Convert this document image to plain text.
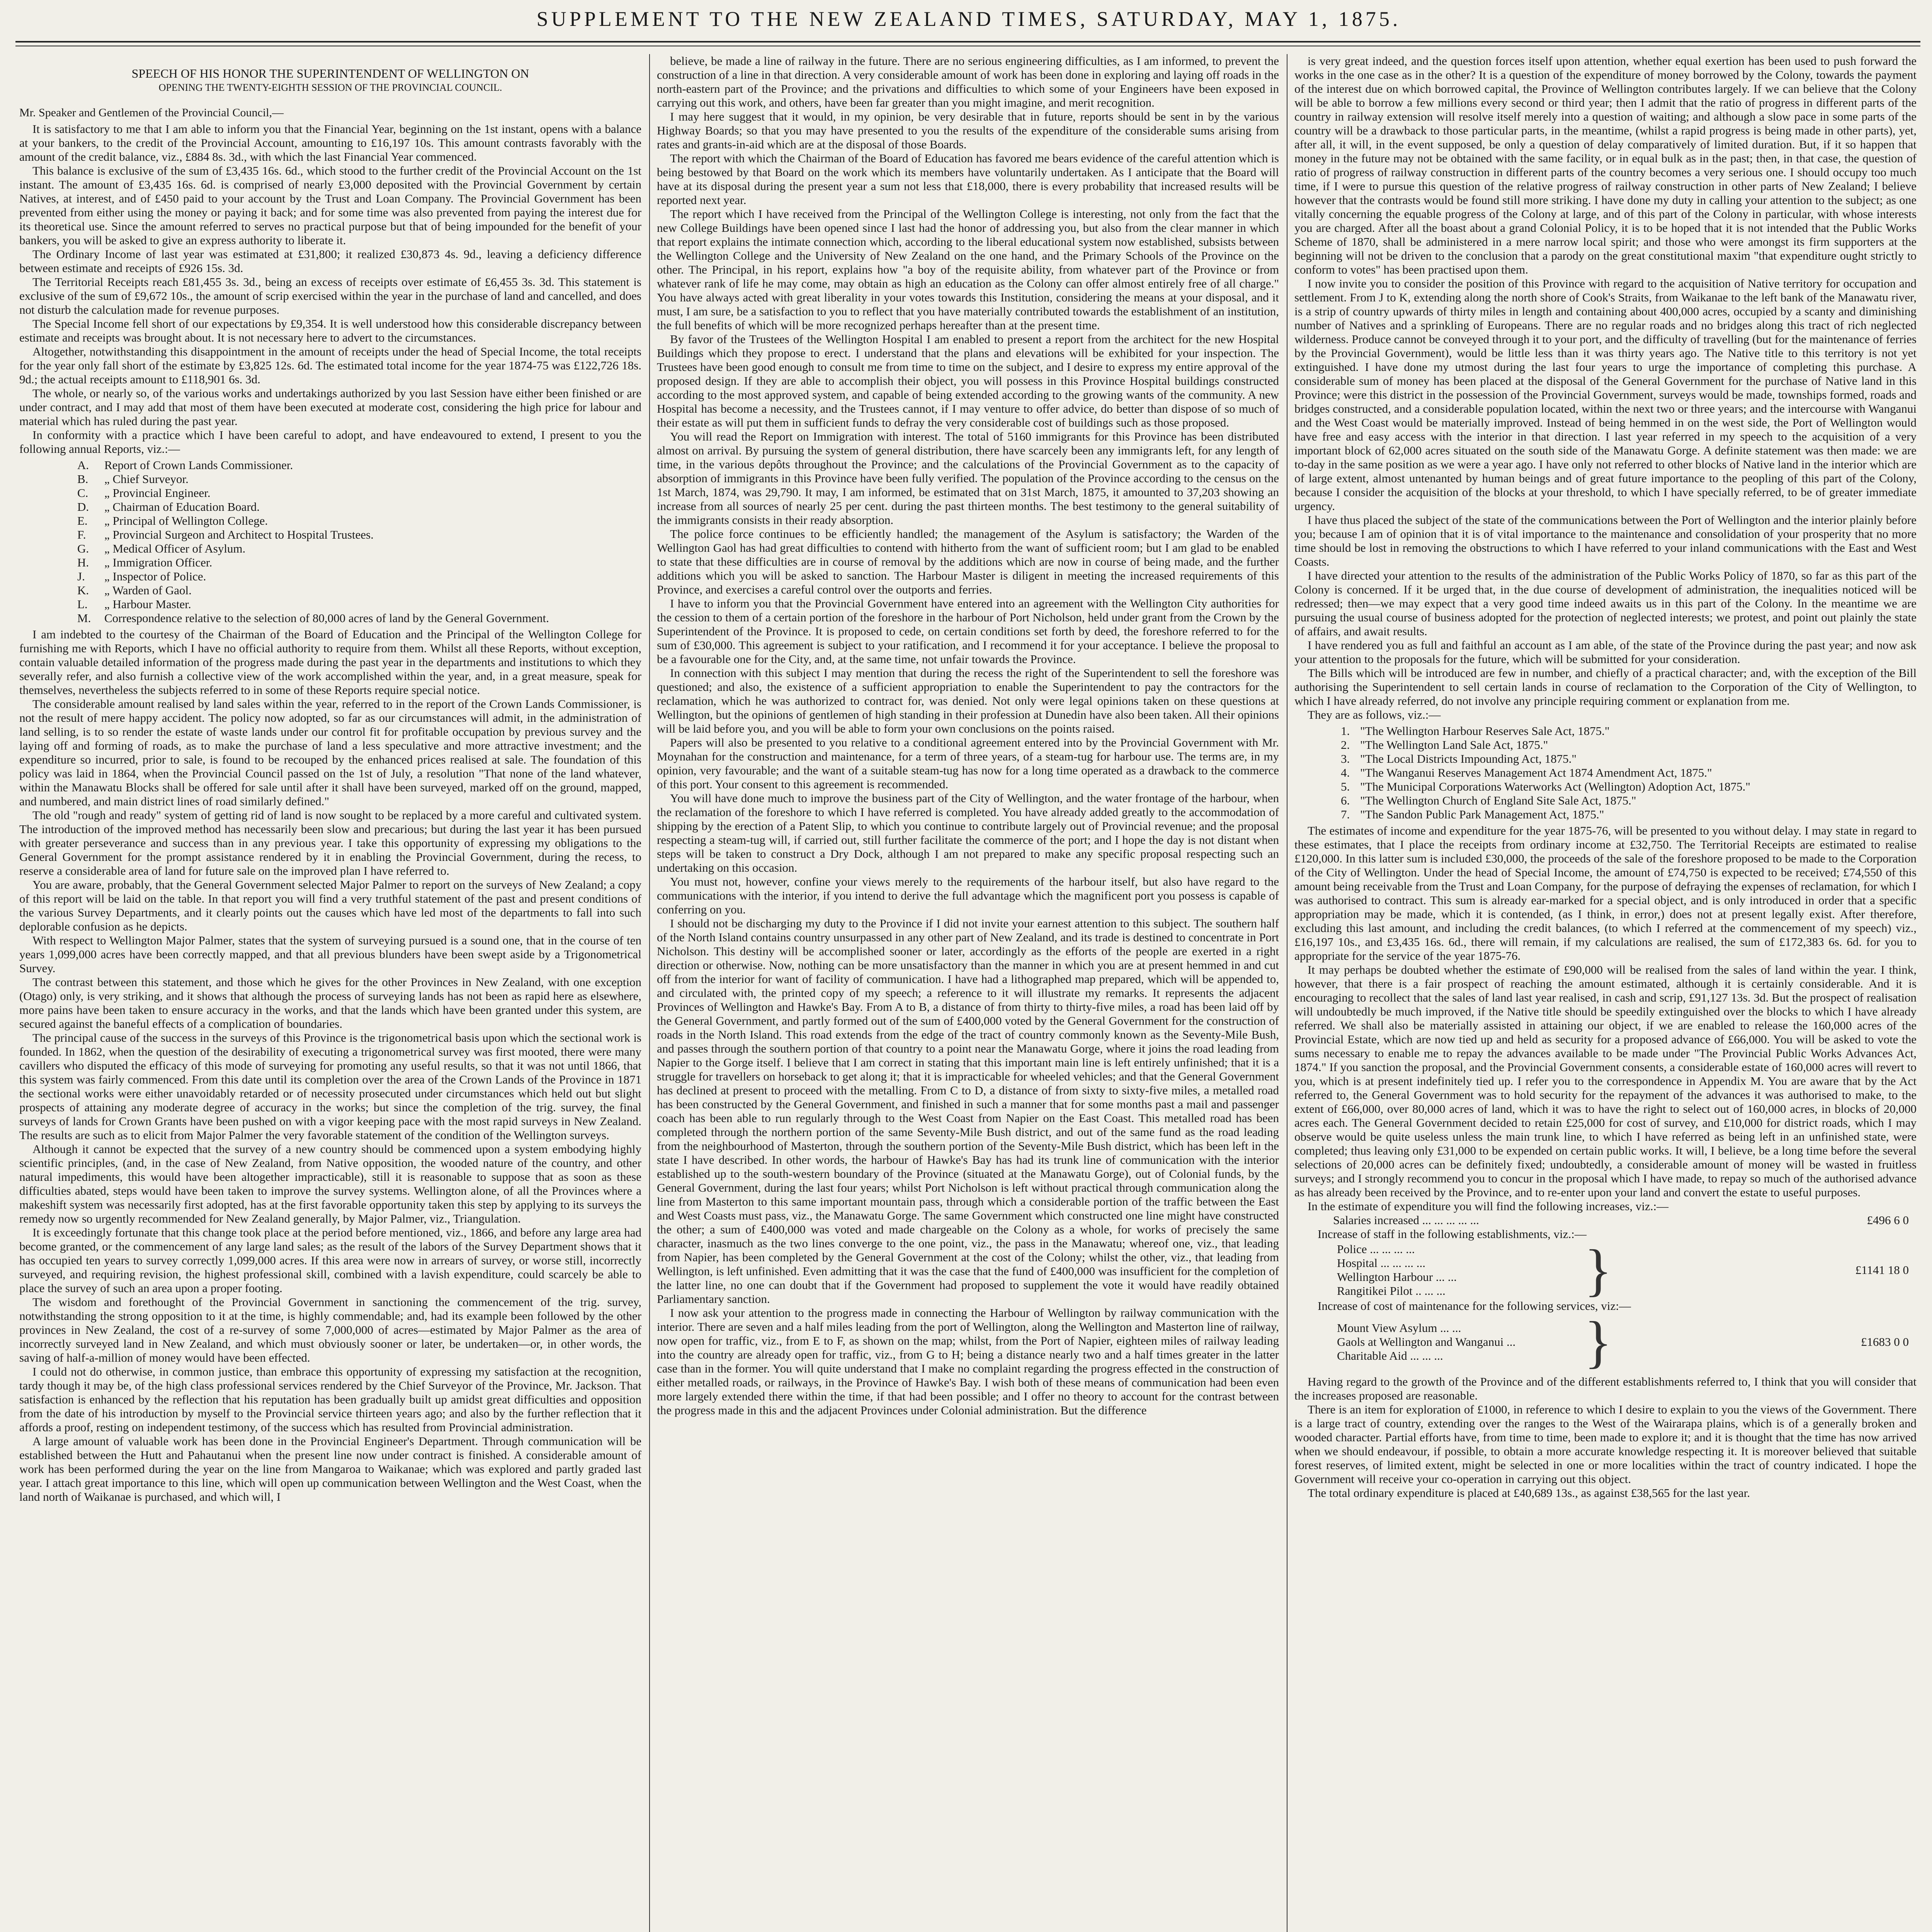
SUPPLEMENT TO THE NEW ZEALAND TIMES, SATURDAY, MAY 1, 1875.

SPEECH OF HIS HONOR THE SUPERINTENDENT OF WELLINGTON ON

OPENING THE TWENTY-EIGHTH SESSION OF THE PROVINCIAL COUNCIL.

Mr. Speaker and Gentlemen of the Provincial Council,—

It is satisfactory to me that I am able to inform you that the Financial Year, beginning on the 1st instant, opens with a balance at your bankers, to the credit of the Provincial Account, amounting to £16,197 10s. This amount contrasts favorably with the amount of the credit balance, viz., £884 8s. 3d., with which the last Financial Year commenced.

This balance is exclusive of the sum of £3,435 16s. 6d., which stood to the further credit of the Provincial Account on the 1st instant. The amount of £3,435 16s. 6d. is comprised of nearly £3,000 deposited with the Provincial Government by certain Natives, at interest, and of £450 paid to your account by the Trust and Loan Company. The Provincial Government has been prevented from either using the money or paying it back; and for some time was also prevented from paying the interest due for its theoretical use. Since the amount referred to serves no practical purpose but that of being impounded for the benefit of your bankers, you will be asked to give an express authority to liberate it.

The Ordinary Income of last year was estimated at £31,800; it realized £30,873 4s. 9d., leaving a deficiency difference between estimate and receipts of £926 15s. 3d.

The Territorial Receipts reach £81,455 3s. 3d., being an excess of receipts over estimate of £6,455 3s. 3d. This statement is exclusive of the sum of £9,672 10s., the amount of scrip exercised within the year in the purchase of land and cancelled, and does not disturb the calculation made for revenue purposes.

The Special Income fell short of our expectations by £9,354. It is well understood how this considerable discrepancy between estimate and receipts was brought about. It is not necessary here to advert to the circumstances.

Altogether, notwithstanding this disappointment in the amount of receipts under the head of Special Income, the total receipts for the year only fall short of the estimate by £3,825 12s. 6d. The estimated total income for the year 1874-75 was £122,726 18s. 9d.; the actual receipts amount to £118,901 6s. 3d.

The whole, or nearly so, of the various works and undertakings authorized by you last Session have either been finished or are under contract, and I may add that most of them have been executed at moderate cost, considering the high price for labour and material which has ruled during the past year.

In conformity with a practice which I have been careful to adopt, and have endeavoured to extend, I present to you the following annual Reports, viz.:—

A.	Report of Crown Lands Commissioner.
B.	„ Chief Surveyor.
C.	„ Provincial Engineer.
D.	„ Chairman of Education Board.
E.	„ Principal of Wellington College.
F.	„ Provincial Surgeon and Architect to Hospital Trustees.
G.	„ Medical Officer of Asylum.
H.	„ Immigration Officer.
J.	„ Inspector of Police.
K.	„ Warden of Gaol.
L.	„ Harbour Master.
M.	Correspondence relative to the selection of 80,000 acres of land by the General Government.

I am indebted to the courtesy of the Chairman of the Board of Education and the Principal of the Wellington College for furnishing me with Reports, which I have no official authority to require from them. Whilst all these Reports, without exception, contain valuable detailed information of the progress made during the past year in the departments and institutions to which they severally refer, and also furnish a collective view of the work accomplished within the year, and, in a great measure, speak for themselves, nevertheless the subjects referred to in some of these Reports require special notice.

The considerable amount realised by land sales within the year, referred to in the report of the Crown Lands Commissioner, is not the result of mere happy accident. The policy now adopted, so far as our circumstances will admit, in the administration of land selling, is to so render the estate of waste lands under our control fit for profitable occupation by previous survey and the laying off and forming of roads, as to make the purchase of land a less speculative and more attractive investment; and the expenditure so incurred, prior to sale, is found to be recouped by the enhanced prices realised at sale. The foundation of this policy was laid in 1864, when the Provincial Council passed on the 1st of July, a resolution "That none of the land whatever, within the Manawatu Blocks shall be offered for sale until after it shall have been surveyed, marked off on the ground, mapped, and numbered, and main district lines of road similarly defined."

The old "rough and ready" system of getting rid of land is now sought to be replaced by a more careful and cultivated system. The introduction of the improved method has necessarily been slow and precarious; but during the last year it has been pursued with greater perseverance and success than in any previous year. I take this opportunity of expressing my obligations to the General Government for the prompt assistance rendered by it in enabling the Provincial Government, during the recess, to reserve a considerable area of land for future sale on the improved plan I have referred to.

You are aware, probably, that the General Government selected Major Palmer to report on the surveys of New Zealand; a copy of this report will be laid on the table. In that report you will find a very truthful statement of the past and present conditions of the various Survey Departments, and it clearly points out the causes which have led most of the departments to fall into such deplorable confusion as he depicts.

With respect to Wellington Major Palmer, states that the system of surveying pursued is a sound one, that in the course of ten years 1,099,000 acres have been correctly mapped, and that all previous blunders have been swept aside by a Trigonometrical Survey.

The contrast between this statement, and those which he gives for the other Provinces in New Zealand, with one exception (Otago) only, is very striking, and it shows that although the process of surveying lands has not been as rapid here as elsewhere, more pains have been taken to ensure accuracy in the works, and that the lands which have been granted under this system, are secured against the baneful effects of a complication of boundaries.

The principal cause of the success in the surveys of this Province is the trigonometrical basis upon which the sectional work is founded. In 1862, when the question of the desirability of executing a trigonometrical survey was first mooted, there were many cavillers who disputed the efficacy of this mode of surveying for promoting any useful results, so that it was not until 1866, that this system was fairly commenced. From this date until its completion over the area of the Crown Lands of the Province in 1871 the sectional works were either unavoidably retarded or of necessity prosecuted under circumstances which held out but slight prospects of attaining any moderate degree of accuracy in the works; but since the completion of the trig. survey, the final surveys of lands for Crown Grants have been pushed on with a vigor keeping pace with the most rapid surveys in New Zealand. The results are such as to elicit from Major Palmer the very favorable statement of the condition of the Wellington surveys.

Although it cannot be expected that the survey of a new country should be commenced upon a system embodying highly scientific principles, (and, in the case of New Zealand, from Native opposition, the wooded nature of the country, and other natural impediments, this would have been altogether impracticable), still it is reasonable to suppose that as soon as these difficulties abated, steps would have been taken to improve the survey systems. Wellington alone, of all the Provinces where a makeshift system was necessarily first adopted, has at the first favorable opportunity taken this step by applying to its surveys the remedy now so urgently recommended for New Zealand generally, by Major Palmer, viz., Triangulation.

It is exceedingly fortunate that this change took place at the period before mentioned, viz., 1866, and before any large area had become granted, or the commencement of any large land sales; as the result of the labors of the Survey Department shows that it has occupied ten years to survey correctly 1,099,000 acres. If this area were now in arrears of survey, or worse still, incorrectly surveyed, and requiring revision, the highest professional skill, combined with a lavish expenditure, could scarcely be able to place the survey of such an area upon a proper footing.

The wisdom and forethought of the Provincial Government in sanctioning the commencement of the trig. survey, notwithstanding the strong opposition to it at the time, is highly commendable; and, had its example been followed by the other provinces in New Zealand, the cost of a re-survey of some 7,000,000 of acres—estimated by Major Palmer as the area of incorrectly surveyed land in New Zealand, and which must obviously sooner or later, be undertaken—or, in other words, the saving of half-a-million of money would have been effected.

I could not do otherwise, in common justice, than embrace this opportunity of expressing my satisfaction at the recognition, tardy though it may be, of the high class professional services rendered by the Chief Surveyor of the Province, Mr. Jackson. That satisfaction is enhanced by the reflection that his reputation has been gradually built up amidst great difficulties and opposition from the date of his introduction by myself to the Provincial service thirteen years ago; and also by the further reflection that it affords a proof, resting on independent testimony, of the success which has resulted from Provincial administration.

A large amount of valuable work has been done in the Provincial Engineer's Department. Through communication will be established between the Hutt and Pahautanui when the present line now under contract is finished. A considerable amount of work has been performed during the year on the line from Mangaroa to Waikanae; which was explored and partly graded last year. I attach great importance to this line, which will open up communication between Wellington and the West Coast, when the land north of Waikanae is purchased, and which will, I

believe, be made a line of railway in the future. There are no serious engineering difficulties, as I am informed, to prevent the construction of a line in that direction. A very considerable amount of work has been done in exploring and laying off roads in the north-eastern part of the Province; and the privations and difficulties to which some of your Engineers have been exposed in carrying out this work, and others, have been far greater than you might imagine, and merit recognition.

I may here suggest that it would, in my opinion, be very desirable that in future, reports should be sent in by the various Highway Boards; so that you may have presented to you the results of the expenditure of the considerable sums arising from rates and grants-in-aid which are at the disposal of those Boards.

The report with which the Chairman of the Board of Education has favored me bears evidence of the careful attention which is being bestowed by that Board on the work which its members have voluntarily undertaken. As I anticipate that the Board will have at its disposal during the present year a sum not less that £18,000, there is every probability that increased results will be reported next year.

The report which I have received from the Principal of the Wellington College is interesting, not only from the fact that the new College Buildings have been opened since I last had the honor of addressing you, but also from the clear manner in which that report explains the intimate connection which, according to the liberal educational system now established, subsists between the Wellington College and the University of New Zealand on the one hand, and the Primary Schools of the Province on the other. The Principal, in his report, explains how "a boy of the requisite ability, from whatever part of the Province or from whatever rank of life he may come, may obtain as high an education as the Colony can offer almost entirely free of all charge." You have always acted with great liberality in your votes towards this Institution, considering the means at your disposal, and it must, I am sure, be a satisfaction to you to reflect that you have materially contributed towards the establishment of an institution, the full benefits of which will be more recognized perhaps hereafter than at the present time.

By favor of the Trustees of the Wellington Hospital I am enabled to present a report from the architect for the new Hospital Buildings which they propose to erect. I understand that the plans and elevations will be exhibited for your inspection. The Trustees have been good enough to consult me from time to time on the subject, and I desire to express my entire approval of the proposed design. If they are able to accomplish their object, you will possess in this Province Hospital buildings constructed according to the most approved system, and capable of being extended according to the growing wants of the community. A new Hospital has become a necessity, and the Trustees cannot, if I may venture to offer advice, do better than dispose of so much of their estate as will put them in sufficient funds to defray the very considerable cost of buildings such as those proposed.

You will read the Report on Immigration with interest. The total of 5160 immigrants for this Province has been distributed almost on arrival. By pursuing the system of general distribution, there have scarcely been any immigrants left, for any length of time, in the various depôts throughout the Province; and the calculations of the Provincial Government as to the capacity of absorption of immigrants in this Province have been fully verified. The population of the Province according to the census on the 1st March, 1874, was 29,790. It may, I am informed, be estimated that on 31st March, 1875, it amounted to 37,203 showing an increase from all sources of nearly 25 per cent. during the past thirteen months. The best testimony to the general suitability of the immigrants consists in their ready absorption.

The police force continues to be efficiently handled; the management of the Asylum is satisfactory; the Warden of the Wellington Gaol has had great difficulties to contend with hitherto from the want of sufficient room; but I am glad to be enabled to state that these difficulties are in course of removal by the additions which are now in course of being made, and the further additions which you will be asked to sanction. The Harbour Master is diligent in meeting the increased requirements of this Province, and exercises a careful control over the outports and ferries.

I have to inform you that the Provincial Government have entered into an agreement with the Wellington City authorities for the cession to them of a certain portion of the foreshore in the harbour of Port Nicholson, held under grant from the Crown by the Superintendent of the Province. It is proposed to cede, on certain conditions set forth by deed, the foreshore referred to for the sum of £30,000. This agreement is subject to your ratification, and I recommend it for your acceptance. I believe the proposal to be a favourable one for the City, and, at the same time, not unfair towards the Province.

In connection with this subject I may mention that during the recess the right of the Superintendent to sell the foreshore was questioned; and also, the existence of a sufficient appropriation to enable the Superintendent to pay the contractors for the reclamation, which he was authorized to contract for, was denied. Not only were legal opinions taken on these questions at Wellington, but the opinions of gentlemen of high standing in their profession at Dunedin have also been taken. All their opinions will be laid before you, and you will be able to form your own conclusions on the points raised.

Papers will also be presented to you relative to a conditional agreement entered into by the Provincial Government with Mr. Moynahan for the construction and maintenance, for a term of three years, of a steam-tug for harbour use. The terms are, in my opinion, very favourable; and the want of a suitable steam-tug has now for a long time operated as a drawback to the commerce of this port. Your consent to this agreement is recommended.

You will have done much to improve the business part of the City of Wellington, and the water frontage of the harbour, when the reclamation of the foreshore to which I have referred is completed. You have already added greatly to the accommodation of shipping by the erection of a Patent Slip, to which you continue to contribute largely out of Provincial revenue; and the proposal respecting a steam-tug will, if carried out, still further facilitate the commerce of the port; and I hope the day is not distant when steps will be taken to construct a Dry Dock, although I am not prepared to make any specific proposal respecting such an undertaking on this occasion.

You must not, however, confine your views merely to the requirements of the harbour itself, but also have regard to the communications with the interior, if you intend to derive the full advantage which the magnificent port you possess is capable of conferring on you.

I should not be discharging my duty to the Province if I did not invite your earnest attention to this subject. The southern half of the North Island contains country unsurpassed in any other part of New Zealand, and its trade is destined to concentrate in Port Nicholson. This destiny will be accomplished sooner or later, accordingly as the efforts of the people are exerted in a right direction or otherwise. Now, nothing can be more unsatisfactory than the manner in which you are at present hemmed in and cut off from the interior for want of facility of communication. I have had a lithographed map prepared, which will be appended to, and circulated with, the printed copy of my speech; a reference to it will illustrate my remarks. It represents the adjacent Provinces of Wellington and Hawke's Bay. From A to B, a distance of from thirty to thirty-five miles, a road has been laid off by the General Government, and partly formed out of the sum of £400,000 voted by the General Government for the construction of roads in the North Island. This road extends from the edge of the tract of country commonly known as the Seventy-Mile Bush, and passes through the southern portion of that country to a point near the Manawatu Gorge, where it joins the road leading from Napier to the Gorge itself. I believe that I am correct in stating that this important main line is left entirely unfinished; that it is a struggle for travellers on horseback to get along it; that it is impracticable for wheeled vehicles; and that the General Government has declined at present to proceed with the metalling. From C to D, a distance of from sixty to sixty-five miles, a metalled road has been constructed by the General Government, and finished in such a manner that for some months past a mail and passenger coach has been able to run regularly through to the West Coast from Napier on the East Coast. This metalled road has been completed through the northern portion of the same Seventy-Mile Bush district, and out of the same fund as the road leading from the neighbourhood of Masterton, through the southern portion of the Seventy-Mile Bush district, which has been left in the state I have described. In other words, the harbour of Hawke's Bay has had its trunk line of communication with the interior established up to the south-western boundary of the Province (situated at the Manawatu Gorge), out of Colonial funds, by the General Government, during the last four years; whilst Port Nicholson is left without practical through communication along the line from Masterton to this same important mountain pass, through which a considerable portion of the traffic between the East and West Coasts must pass, viz., the Manawatu Gorge. The same Government which constructed one line might have constructed the other; a sum of £400,000 was voted and made chargeable on the Colony as a whole, for works of precisely the same character, inasmuch as the two lines converge to the one point, viz., the pass in the Manawatu; whereof one, viz., that leading from Napier, has been completed by the General Government at the cost of the Colony; whilst the other, viz., that leading from Wellington, is left unfinished. Even admitting that it was the case that the fund of £400,000 was insufficient for the completion of the latter line, no one can doubt that if the Government had proposed to supplement the vote it would have readily obtained Parliamentary sanction.

I now ask your attention to the progress made in connecting the Harbour of Wellington by railway communication with the interior. There are seven and a half miles leading from the port of Wellington, along the Wellington and Masterton line of railway, now open for traffic, viz., from E to F, as shown on the map; whilst, from the Port of Napier, eighteen miles of railway leading into the country are already open for traffic, viz., from G to H; being a distance nearly two and a half times greater in the latter case than in the former. You will quite understand that I make no complaint regarding the progress effected in the construction of either metalled roads, or railways, in the Province of Hawke's Bay. I wish both of these means of communication had been even more largely extended there within the time, if that had been possible; and I offer no theory to account for the contrast between the progress made in this and the adjacent Provinces under Colonial administration. But the difference

is very great indeed, and the question forces itself upon attention, whether equal exertion has been used to push forward the works in the one case as in the other? It is a question of the expenditure of money borrowed by the Colony, towards the payment of the interest due on which borrowed capital, the Province of Wellington contributes largely. If we can believe that the Colony will be able to borrow a few millions every second or third year; then I admit that the ratio of progress in different parts of the country in railway extension will resolve itself merely into a question of waiting; and although a slow pace in some parts of the country will be a drawback to those particular parts, in the meantime, (whilst a rapid progress is being made in other parts), yet, after all, it will, in the event supposed, be only a question of delay comparatively of limited duration. But, if it so happen that money in the future may not be obtained with the same facility, or in equal bulk as in the past; then, in that case, the question of ratio of progress of railway construction in different parts of the country becomes a very serious one. I should occupy too much time, if I were to pursue this question of the relative progress of railway construction in other parts of New Zealand; I believe however that the contrasts would be found still more striking. I have done my duty in calling your attention to the subject; as one vitally concerning the equable progress of the Colony at large, and of this part of the Colony in particular, with whose interests you are charged. After all the boast about a grand Colonial Policy, it is to be hoped that it is not intended that the Public Works Scheme of 1870, shall be administered in a mere narrow local spirit; and those who were amongst its firm supporters at the beginning will not be driven to the conclusion that a parody on the great constitutional maxim "that expenditure ought strictly to conform to votes" has been practised upon them.

I now invite you to consider the position of this Province with regard to the acquisition of Native territory for occupation and settlement. From J to K, extending along the north shore of Cook's Straits, from Waikanae to the left bank of the Manawatu river, is a strip of country upwards of thirty miles in length and containing about 400,000 acres, occupied by a scanty and diminishing number of Natives and a sprinkling of Europeans. There are no regular roads and no bridges along this tract of rich neglected wilderness. Produce cannot be conveyed through it to your port, and the difficulty of travelling (but for the maintenance of ferries by the Provincial Government), would be little less than it was thirty years ago. The Native title to this territory is not yet extinguished. I have done my utmost during the last four years to urge the importance of completing this purchase. A considerable sum of money has been placed at the disposal of the General Government for the purchase of Native land in this Province; were this district in the possession of the Provincial Government, surveys would be made, townships formed, roads and bridges constructed, and a considerable population located, within the next two or three years; and the intercourse with Wanganui and the West Coast would be materially improved. Instead of being hemmed in on the west side, the Port of Wellington would have free and easy access with the interior in that direction. I last year referred in my speech to the acquisition of a very important block of 62,000 acres situated on the south side of the Manawatu Gorge. A definite statement was then made: we are to-day in the same position as we were a year ago. I have only not referred to other blocks of Native land in the interior which are of large extent, almost untenanted by human beings and of great future importance to the peopling of this part of the Colony, because I consider the acquisition of the blocks at your threshold, to which I have specially referred, to be of greater immediate urgency.

I have thus placed the subject of the state of the communications between the Port of Wellington and the interior plainly before you; because I am of opinion that it is of vital importance to the maintenance and consolidation of your prosperity that no more time should be lost in removing the obstructions to which I have referred to your inland communications with the East and West Coasts.

I have directed your attention to the results of the administration of the Public Works Policy of 1870, so far as this part of the Colony is concerned. If it be urged that, in the due course of development of administration, the inequalities noticed will be redressed; then—we may expect that a very good time indeed awaits us in this part of the Colony. In the meantime we are pursuing the usual course of business adopted for the protection of neglected interests; we protest, and point out plainly the state of affairs, and await results.

I have rendered you as full and faithful an account as I am able, of the state of the Province during the past year; and now ask your attention to the proposals for the future, which will be submitted for your consideration.

The Bills which will be introduced are few in number, and chiefly of a practical character; and, with the exception of the Bill authorising the Superintendent to sell certain lands in course of reclamation to the Corporation of the City of Wellington, to which I have already referred, do not involve any principle requiring comment or explanation from me.

They are as follows, viz.:—

1. "The Wellington Harbour Reserves Sale Act, 1875."
2. "The Wellington Land Sale Act, 1875."
3. "The Local Districts Impounding Act, 1875."
4. "The Wanganui Reserves Management Act 1874 Amendment Act, 1875."
5. "The Municipal Corporations Waterworks Act (Wellington) Adoption Act, 1875."
6. "The Wellington Church of England Site Sale Act, 1875."
7. "The Sandon Public Park Management Act, 1875."

The estimates of income and expenditure for the year 1875-76, will be presented to you without delay. I may state in regard to these estimates, that I place the receipts from ordinary income at £32,750. The Territorial Receipts are estimated to realise £120,000. In this latter sum is included £30,000, the proceeds of the sale of the foreshore proposed to be made to the Corporation of the City of Wellington. Under the head of Special Income, the amount of £74,750 is expected to be received; £74,550 of this amount being receivable from the Trust and Loan Company, for the purpose of defraying the expenses of reclamation, for which I was authorised to contract. This sum is already ear-marked for a special object, and is only introduced in order that a specific appropriation may be made, which it is contended, (as I think, in error,) does not at present legally exist. After therefore, excluding this last amount, and including the credit balances, (to which I referred at the commencement of my speech) viz., £16,197 10s., and £3,435 16s. 6d., there will remain, if my calculations are realised, the sum of £172,383 6s. 6d. for you to appropriate for the service of the year 1875-76.

It may perhaps be doubted whether the estimate of £90,000 will be realised from the sales of land within the year. I think, however, that there is a fair prospect of reaching the amount estimated, although it is certainly considerable. And it is encouraging to recollect that the sales of land last year realised, in cash and scrip, £91,127 13s. 3d. But the prospect of realisation will undoubtedly be much improved, if the Native title should be speedily extinguished over the blocks to which I have already referred. We shall also be materially assisted in attaining our object, if we are enabled to release the 160,000 acres of the Provincial Estate, which are now tied up and held as security for a proposed advance of £66,000. You will be asked to vote the sums necessary to enable me to repay the advances available to be made under "The Provincial Public Works Advances Act, 1874." If you sanction the proposal, and the Provincial Government consents, a considerable estate of 160,000 acres will revert to you, which is at present indefinitely tied up. I refer you to the correspondence in Appendix M. You are aware that by the Act referred to, the General Government was to hold security for the repayment of the advances it was authorised to make, to the extent of £66,000, over 80,000 acres of land, which it was to have the right to select out of 160,000 acres, in blocks of 20,000 acres each. The General Government decided to retain £25,000 for cost of survey, and £10,000 for district roads, which I may observe would be quite useless unless the main trunk line, to which I have referred as being left in an unfinished state, were completed; thus leaving only £31,000 to be expended on certain public works. It will, I believe, be a long time before the several selections of 20,000 acres can be definitely fixed; undoubtedly, a considerable amount of money will be wasted in fruitless surveys; and I strongly recommend you to concur in the proposal which I have made, to repay so much of the authorised advance as has already been received by the Province, and to re-enter upon your land and convert the estate to useful purposes.

In the estimate of expenditure you will find the following increases, viz.:—

Salaries increased ... ... ... ... ...	£496 6 0

Increase of staff in the following establishments, viz.:—

Police ... ... ... ...
Hospital ... ... ... ...
Wellington Harbour ... ...
Rangitikei Pilot .. ... ...	}	£1141 18 0

Increase of cost of maintenance for the following services, viz:—

Mount View Asylum ... ...
Gaols at Wellington and Wanganui ...
Charitable Aid ... ... ...	}	£1683 0 0

Having regard to the growth of the Province and of the different establishments referred to, I think that you will consider that the increases proposed are reasonable.

There is an item for exploration of £1000, in reference to which I desire to explain to you the views of the Government. There is a large tract of country, extending over the ranges to the West of the Wairarapa plains, which is of a generally broken and wooded character. Partial efforts have, from time to time, been made to explore it; and it is thought that the time has now arrived when we should endeavour, if possible, to obtain a more accurate knowledge respecting it. It is moreover believed that suitable forest reserves, of limited extent, might be selected in one or more localities within the tract of country indicated. I hope the Government will receive your co-operation in carrying out this object.

The total ordinary expenditure is placed at £40,689 13s., as against £38,565 for the last year.
